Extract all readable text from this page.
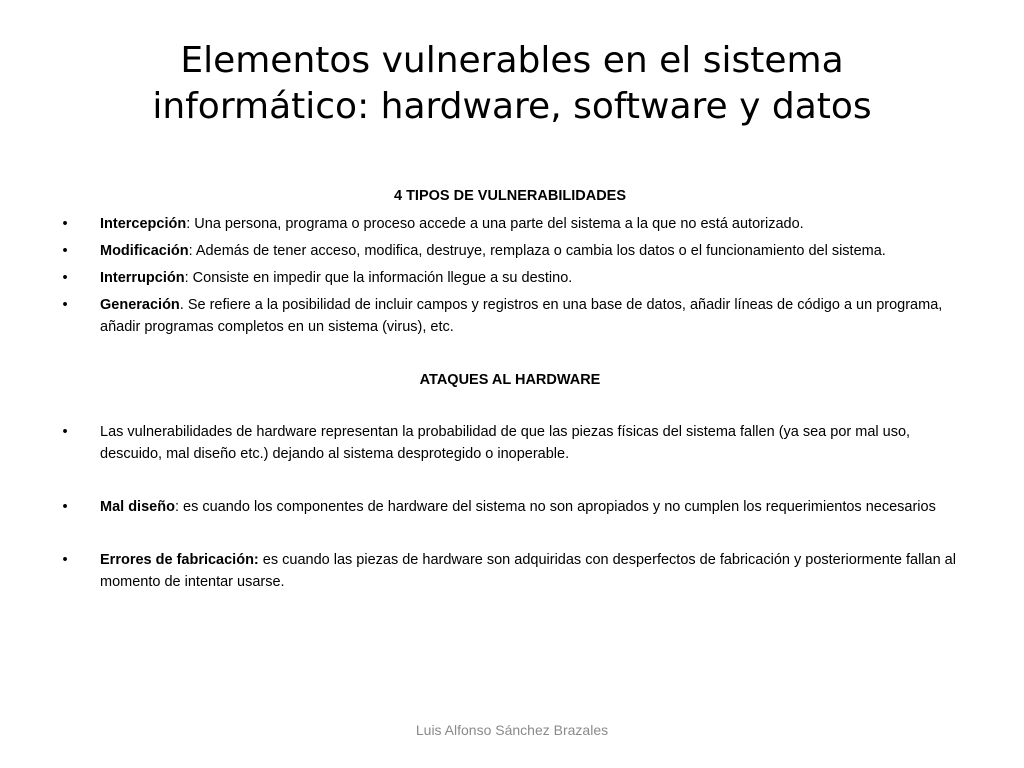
Elementos vulnerables en el sistema
informático: hardware, software y datos

4 TIPOS DE VULNERABILIDADES

• Intercepción: Una persona, programa o proceso accede a una parte del sistema a la que no está autorizado.
• Modificación: Además de tener acceso, modifica, destruye, remplaza o cambia los datos o el funcionamiento del sistema.
• Interrupción: Consiste en impedir que la información llegue a su destino.
• Generación. Se refiere a la posibilidad de incluir campos y registros en una base de datos, añadir líneas de código a un programa, añadir programas completos en un sistema (virus), etc.

ATAQUES AL HARDWARE

• Las vulnerabilidades de hardware representan la probabilidad de que las piezas físicas del sistema fallen (ya sea por mal uso, descuido, mal diseño etc.) dejando al sistema desprotegido o inoperable.
• Mal diseño: es cuando los componentes de hardware del sistema no son apropiados y no cumplen los requerimientos necesarios
• Errores de fabricación: es cuando las piezas de hardware son adquiridas con desperfectos de fabricación y posteriormente fallan al momento de intentar usarse.
Luis Alfonso Sánchez Brazales
